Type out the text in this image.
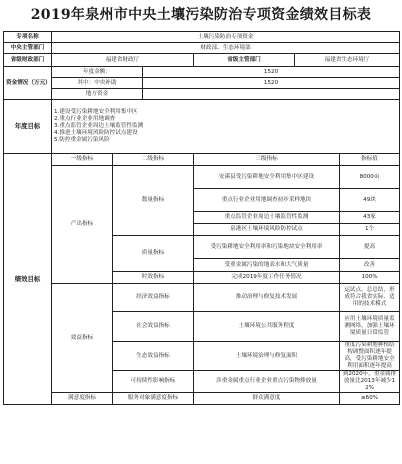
2019年泉州市中央土壤污染防治专项资金绩效目标表
专项名称	土壤污染防治专项资金					
中央主管部门	财政部、生态环境部					
省级财政部门	福建省财政厅			省级主管部门	福建省生态环境厅	
资金情况（万元）	年度金额：		1520			
	其中：中央补助		1520			
	地方资金					
年度目标	1.建设受污染耕地安全利用集中区
2.重点行业企业用地调查
3.重点监管企业周边土壤监管性监测
4.推进土壤环境风险防控试点建设
5.防控重金属污染风险					

绩效目标	一级指标	二级指标		三级指标		指标值
	产出指标	数量指标		安溪县受污染耕地安全利用集中区建设		8000亩
				重点行业企业用地调查初步采样地块		49块
				重点监管企业周边土壤监管性监测		43家
				泉港区土壤环境风险防控试点		1个
		质量指标		受污染耕地安全利用率和污染地块安全利用率		提高
				受重金属污染的地表水和大气质量		改善
		时效指标		完成2019年度工作任务情况		100%
	效益指标	经济效益指标		推动治理与修复技术发展		运试点、总总结，形成符合我省实际、适用的技术模式
		社会效益指标		土壤环境公共服务程度		应用土壤环境质量监测网络，加强土壤环境质量日常监管
		生态效益指标		土壤环境治理与修复面积		重度污染耕地种植结构调整面积逐年提高，受污染耕地安全利用面积逐年提高
		可持续性影响指标		涉重金属重点行业企业重点污染物排放量		到2020年，重金属排放量比2013年减少12%
	满意度指标	服务对象满意度指标		群众满意度		≥60%
